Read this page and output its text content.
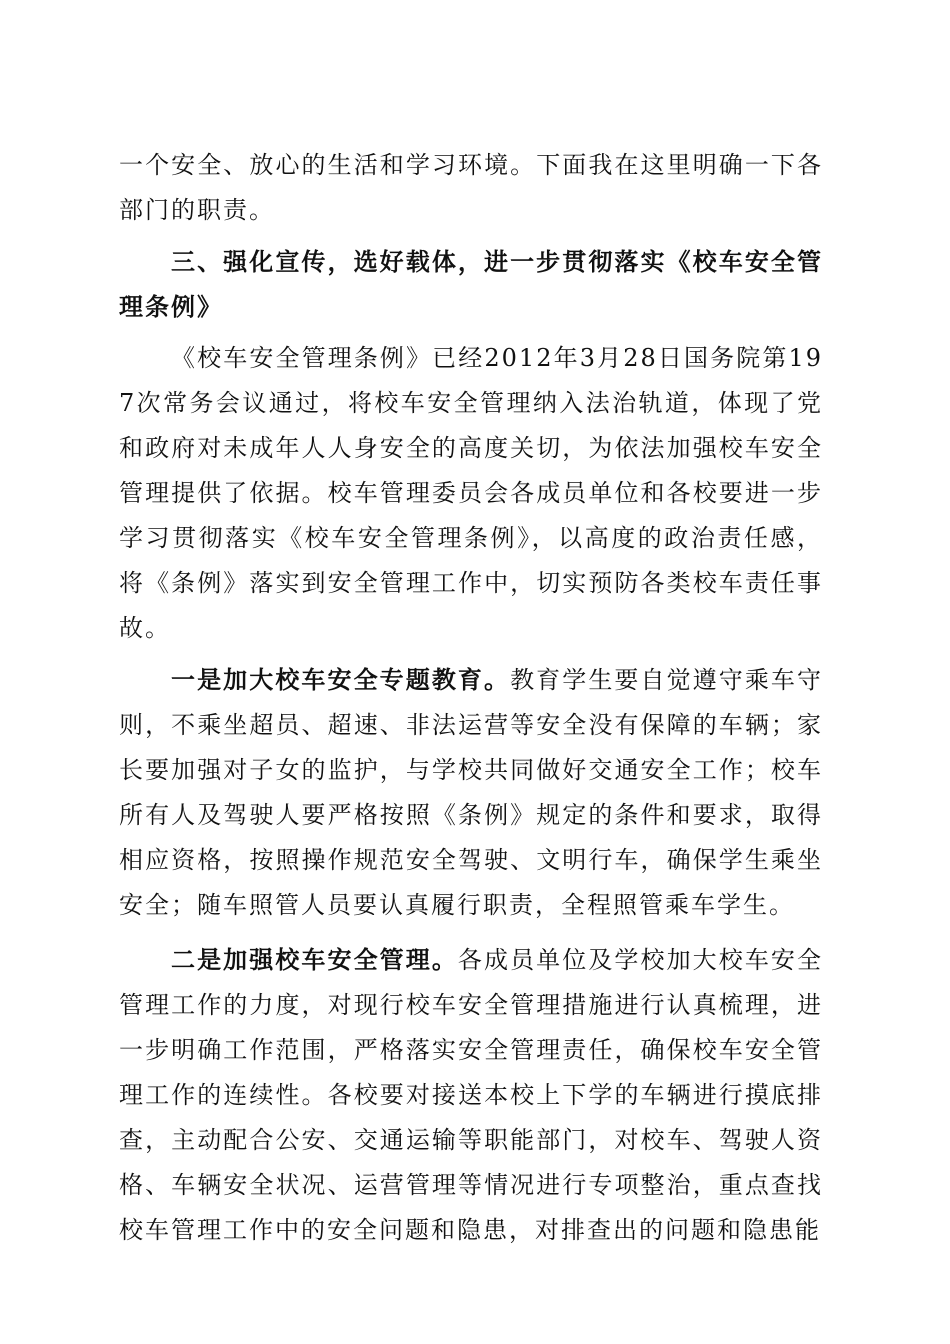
一个安全、放心的生活和学习环境。下面我在这里明确一下各部门的职责。

三、强化宣传，选好载体，进一步贯彻落实《校车安全管理条例》

《校车安全管理条例》已经2012年3月28日国务院第197次常务会议通过，将校车安全管理纳入法治轨道，体现了党和政府对未成年人人身安全的高度关切，为依法加强校车安全管理提供了依据。校车管理委员会各成员单位和各校要进一步学习贯彻落实《校车安全管理条例》，以高度的政治责任感，将《条例》落实到安全管理工作中，切实预防各类校车责任事故。

一是加大校车安全专题教育。教育学生要自觉遵守乘车守则，不乘坐超员、超速、非法运营等安全没有保障的车辆；家长要加强对子女的监护，与学校共同做好交通安全工作；校车所有人及驾驶人要严格按照《条例》规定的条件和要求，取得相应资格，按照操作规范安全驾驶、文明行车，确保学生乘坐安全；随车照管人员要认真履行职责，全程照管乘车学生。

二是加强校车安全管理。各成员单位及学校加大校车安全管理工作的力度，对现行校车安全管理措施进行认真梳理，进一步明确工作范围，严格落实安全管理责任，确保校车安全管理工作的连续性。各校要对接送本校上下学的车辆进行摸底排查，主动配合公安、交通运输等职能部门，对校车、驾驶人资格、车辆安全状况、运营管理等情况进行专项整治，重点查找校车管理工作中的安全问题和隐患，对排查出的问题和隐患能
